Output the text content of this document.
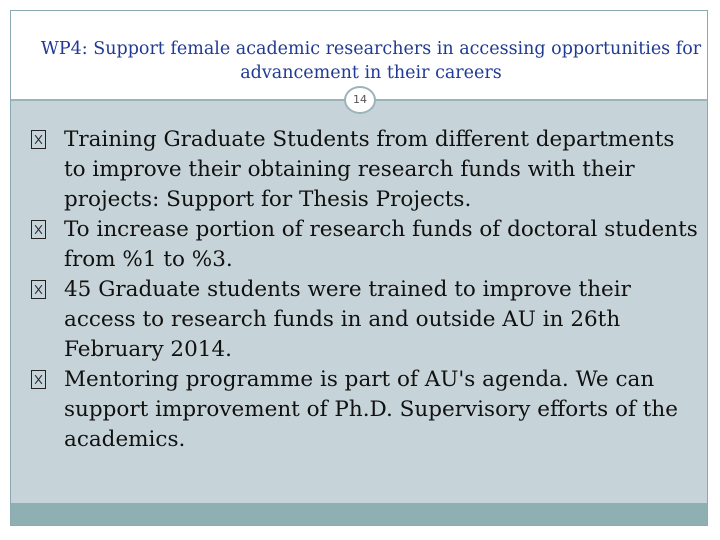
WP4: Support female academic researchers in accessing opportunities for advancement in their careers
Training Graduate Students from different departments to improve their obtaining research funds with their projects: Support for Thesis Projects.
To increase portion of research funds of doctoral students from %1 to %3.
45 Graduate students were trained to improve their access to research funds in and outside AU in 26th February 2014.
Mentoring programme is part of AU's agenda. We can support improvement of Ph.D. Supervisory efforts of the academics.
14
